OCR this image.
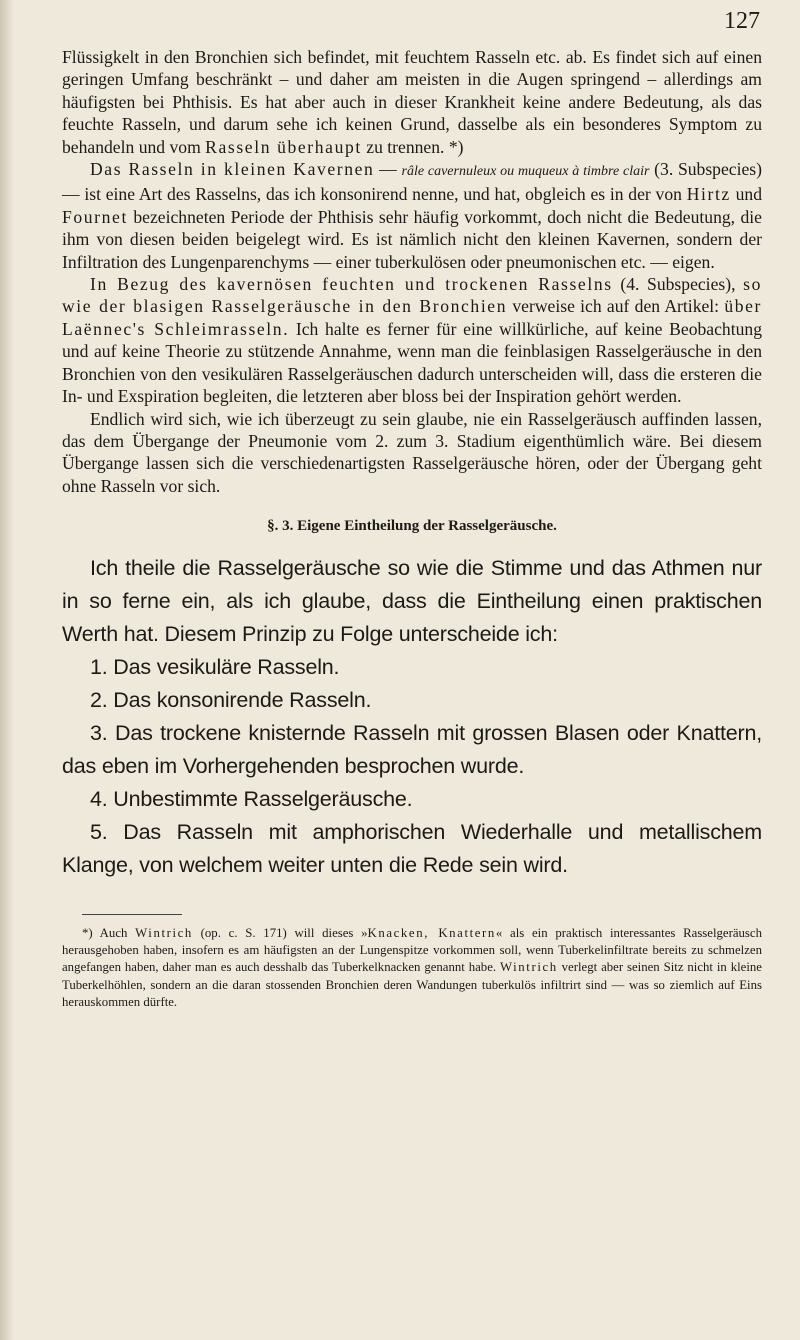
127

Flüssigkelt in den Bronchien sich befindet, mit feuchtem Rasseln etc. ab. Es findet sich auf einen geringen Umfang beschränkt – und daher am meisten in die Augen springend – allerdings am häufigsten bei Phthisis. Es hat aber auch in dieser Krankheit keine andere Bedeutung, als das feuchte Rasseln, und darum sehe ich keinen Grund, dasselbe als ein besonderes Symptom zu behandeln und vom Rasseln überhaupt zu trennen. *)

Das Rasseln in kleinen Kavernen — râle cavernuleux ou muqueux à timbre clair (3. Subspecies) — ist eine Art des Rasselns, das ich konsonirend nenne, und hat, obgleich es in der von Hirtz und Fournet bezeichneten Periode der Phthisis sehr häufig vorkommt, doch nicht die Bedeutung, die ihm von diesen beiden beigelegt wird. Es ist nämlich nicht den kleinen Kavernen, sondern der Infiltration des Lungenparenchyms — einer tuberkulösen oder pneumonischen etc. — eigen.

In Bezug des kavernösen feuchten und trockenen Rasselns (4. Subspecies), so wie der blasigen Rasselgeräusche in den Bronchien verweise ich auf den Artikel: über Laënnec's Schleimrasseln. Ich halte es ferner für eine willkürliche, auf keine Beobachtung und auf keine Theorie zu stützende Annahme, wenn man die feinblasigen Rasselgeräusche in den Bronchien von den vesikulären Rasselgeräuschen dadurch unterscheiden will, dass die ersteren die In- und Exspiration begleiten, die letzteren aber bloss bei der Inspiration gehört werden.

Endlich wird sich, wie ich überzeugt zu sein glaube, nie ein Rasselgeräusch auffinden lassen, das dem Übergange der Pneumonie vom 2. zum 3. Stadium eigenthümlich wäre. Bei diesem Übergange lassen sich die verschiedenartigsten Rasselgeräusche hören, oder der Übergang geht ohne Rasseln vor sich.

§. 3. Eigene Eintheilung der Rasselgeräusche.

Ich theile die Rasselgeräusche so wie die Stimme und das Athmen nur in so ferne ein, als ich glaube, dass die Eintheilung einen praktischen Werth hat. Diesem Prinzip zu Folge unterscheide ich:

1. Das vesikuläre Rasseln.

2. Das konsonirende Rasseln.

3. Das trockene knisternde Rasseln mit grossen Blasen oder Knattern, das eben im Vorhergehenden besprochen wurde.

4. Unbestimmte Rasselgeräusche.

5. Das Rasseln mit amphorischen Wiederhalle und metallischem Klange, von welchem weiter unten die Rede sein wird.

*) Auch Wintrich (op. c. S. 171) will dieses »Knacken, Knattern« als ein praktisch interessantes Rasselgeräusch herausgehoben haben, insofern es am häufigsten an der Lungenspitze vorkommen soll, wenn Tuberkelinfiltrate bereits zu schmelzen angefangen haben, daher man es auch desshalb das Tuberkelknacken genannt habe. Wintrich verlegt aber seinen Sitz nicht in kleine Tuberkelhöhlen, sondern an die daran stossenden Bronchien deren Wandungen tuberkulös infiltrirt sind — was so ziemlich auf Eins herauskommen dürfte.
